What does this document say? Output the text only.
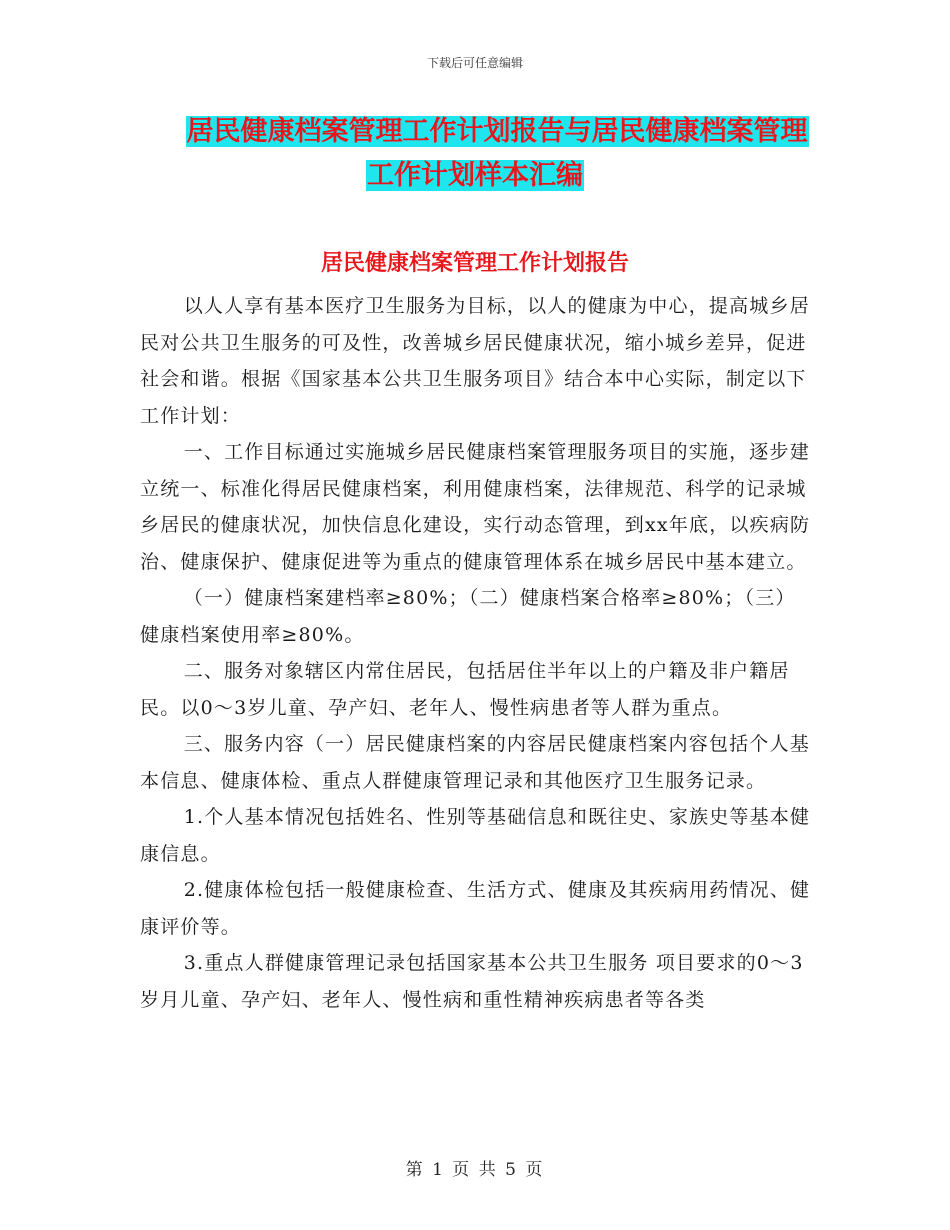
下载后可任意编辑
居民健康档案管理工作计划报告与居民健康档案管理
工作计划样本汇编
居民健康档案管理工作计划报告

以人人享有基本医疗卫生服务为目标，以人的健康为中心，提高城乡居民对公共卫生服务的可及性，改善城乡居民健康状况，缩小城乡差异，促进社会和谐。根据《国家基本公共卫生服务项目》结合本中心实际，制定以下工作计划：

一、工作目标通过实施城乡居民健康档案管理服务项目的实施，逐步建立统一、标准化得居民健康档案，利用健康档案，法律规范、科学的记录城乡居民的健康状况，加快信息化建设，实行动态管理，到xx年底，以疾病防治、健康保护、健康促进等为重点的健康管理体系在城乡居民中基本建立。

（一）健康档案建档率≥80%；（二）健康档案合格率≥80%；（三）健康档案使用率≥80%。

二、服务对象辖区内常住居民，包括居住半年以上的户籍及非户籍居民。以0～3岁儿童、孕产妇、老年人、慢性病患者等人群为重点。

三、服务内容（一）居民健康档案的内容居民健康档案内容包括个人基本信息、健康体检、重点人群健康管理记录和其他医疗卫生服务记录。

1.个人基本情况包括姓名、性别等基础信息和既往史、家族史等基本健康信息。

2.健康体检包括一般健康检查、生活方式、健康及其疾病用药情况、健康评价等。

3.重点人群健康管理记录包括国家基本公共卫生服务 项目要求的0～3岁月儿童、孕产妇、老年人、慢性病和重性精神疾病患者等各类

第 1 页 共 5 页
